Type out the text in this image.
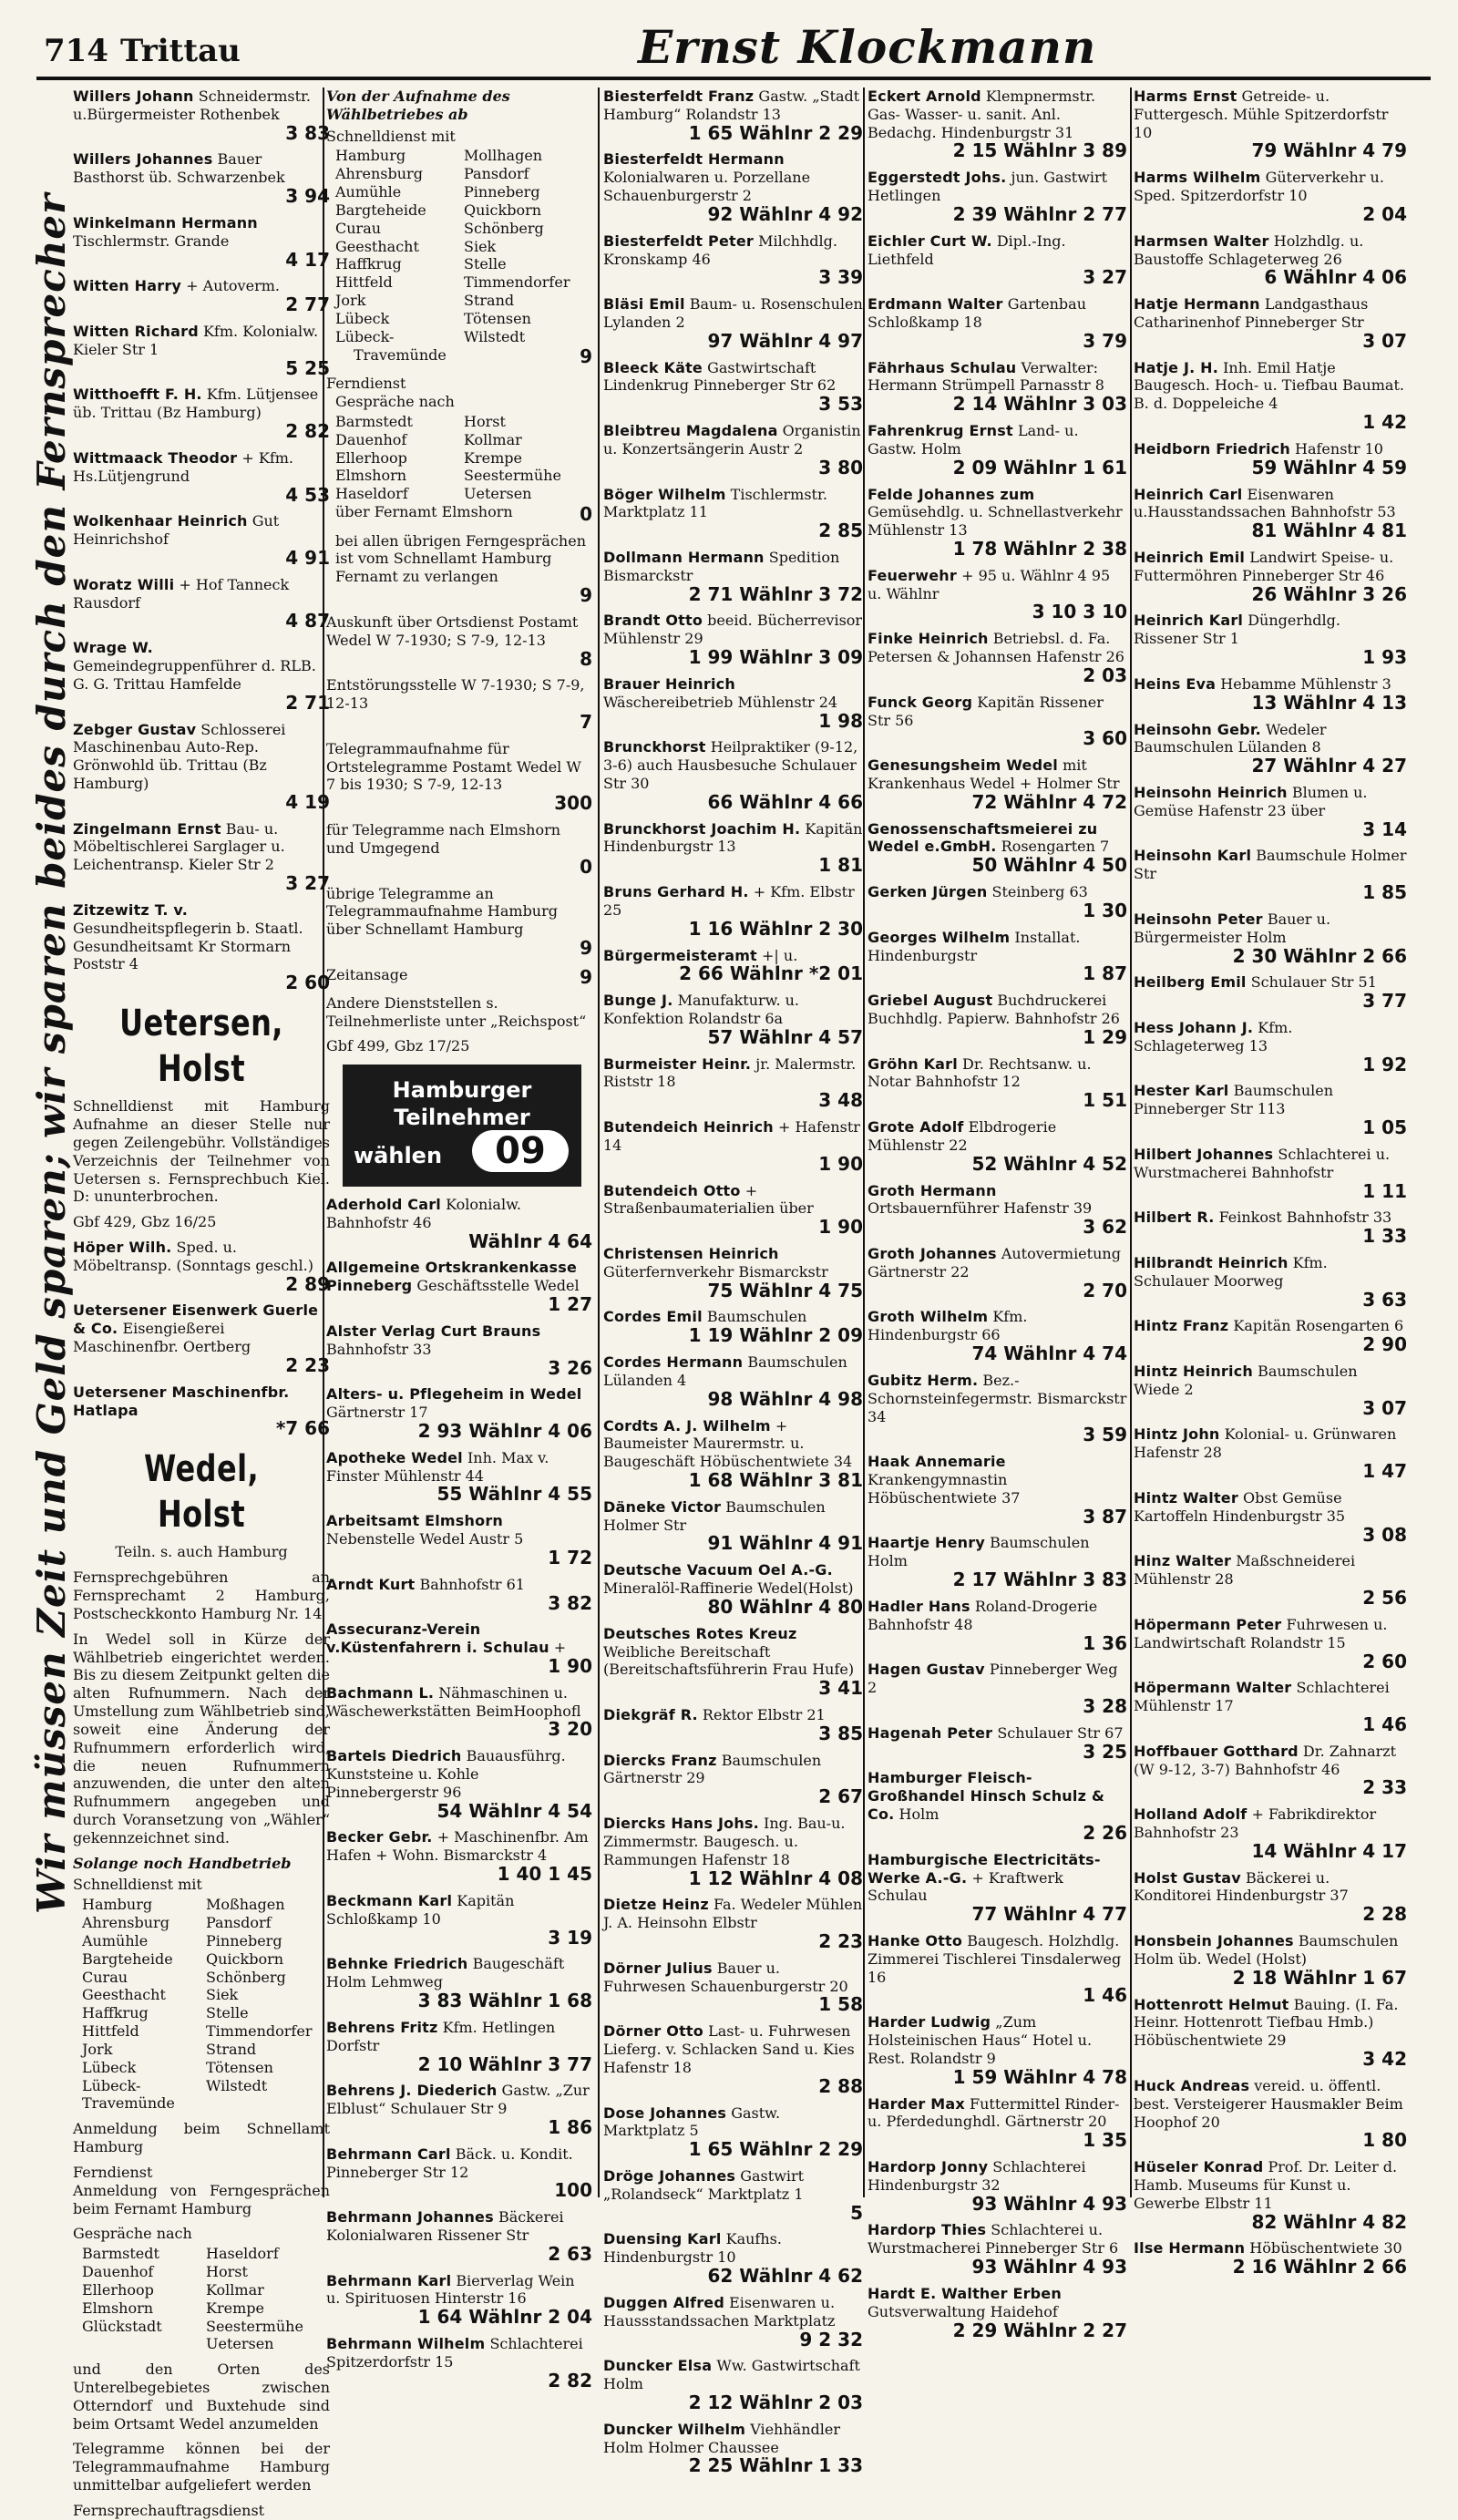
714 Trittau	Ernst Klockmann
Wir müssen Zeit und Geld sparen; wir sparen beides durch den Fernsprecher
Willers Johann Schneidermstr. u.Bürgermeister Rothenbek
3 83
Willers Johannes Bauer Basthorst üb. Schwarzenbek
3 94
Winkelmann Hermann Tischlermstr. Grande
4 17
Witten Harry + Autoverm.
2 77
Witten Richard Kfm. Kolonialw. Kieler Str 1
5 25
Witthoefft F. H. Kfm. Lütjensee üb. Trittau (Bz Hamburg)
2 82
Wittmaack Theodor + Kfm. Hs.Lütjengrund
4 53
Wolkenhaar Heinrich Gut Heinrichshof
4 91
Woratz Willi + Hof Tanneck Rausdorf
4 87
Wrage W. Gemeindegruppenführer d. RLB. G. G. Trittau Hamfelde
2 71
Zebger Gustav Schlosserei Maschinenbau Auto-Rep. Grönwohld üb. Trittau (Bz Hamburg)
4 19
Zingelmann Ernst Bau- u. Möbeltischlerei Sarglager u. Leichentransp. Kieler Str 2
3 27
Zitzewitz T. v. Gesundheitspflegerin b. Staatl. Gesundheitsamt Kr Stormarn Poststr 4
2 60
Uetersen, Holst
Schnelldienst mit Hamburg Aufnahme an dieser Stelle nur gegen Zeilengebühr. Vollständiges Verzeichnis der Teilnehmer von Uetersen s. Fernsprechbuch Kiel. D: ununterbrochen.
Gbf 429, Gbz 16/25
Höper Wilh. Sped. u. Möbeltransp. (Sonntags geschl.)
2 89
Uetersener Eisenwerk Guerle & Co. Eisengießerei Maschinenfbr. Oertberg
2 23
Uetersener Maschinenfbr. Hatlapa
*7 66
Wedel, Holst
Teiln. s. auch Hamburg
Fernsprechgebühren an Fernsprechamt 2 Hamburg, Postscheckkonto Hamburg Nr. 14
In Wedel soll in Kürze der Wählbetrieb eingerichtet werden. Bis zu diesem Zeitpunkt gelten die alten Rufnummern. Nach der Umstellung zum Wählbetrieb sind, soweit eine Änderung der Rufnummern erforderlich wird, die neuen Rufnummern anzuwenden, die unter den alten Rufnummern angegeben und durch Voransetzung von „Wähler“ gekennzeichnet sind.
Solange noch Handbetrieb
Schnelldienst mit
Hamburg	Moßhagen
Ahrensburg	Pansdorf
Aumühle	Pinneberg
Bargteheide	Quickborn
Curau	Schönberg
Geesthacht	Siek
Haffkrug	Stelle
Hittfeld	Timmendorfer
Jork	Strand
Lübeck	Tötensen
Lübeck-	Wilstedt
Travemünde
Anmeldung beim Schnellamt Hamburg
Ferndienst
Anmeldung von Ferngesprächen beim Fernamt Hamburg
Gespräche nach
Barmstedt	Haseldorf
Dauenhof	Horst
Ellerhoop	Kollmar
Elmshorn	Krempe
Glückstadt	Seestermühe
Uetersen
und den Orten des Unterelbegebietes zwischen Otterndorf und Buxtehude sind beim Ortsamt Wedel anzumelden
Telegramme können bei der Telegrammaufnahme Hamburg unmittelbar aufgeliefert werden
Fernsprechauftragsdienst
Von der Aufnahme des Wählbetriebes ab
Schnelldienst mit
Hamburg	Mollhagen
Ahrensburg	Pansdorf
Aumühle	Pinneberg
Bargteheide	Quickborn
Curau	Schönberg
Geesthacht	Siek
Haffkrug	Stelle
Hittfeld	Timmendorfer
Jork	Strand
Lübeck	Tötensen
Lübeck-	Wilstedt
Travemünde	9
Ferndienst
Gespräche nach
Barmstedt	Horst
Dauenhof	Kollmar
Ellerhoop	Krempe
Elmshorn	Seestermühe
Haseldorf	Uetersen
über Fernamt Elmshorn	0
bei allen übrigen Ferngesprächen ist vom Schnellamt Hamburg Fernamt zu verlangen
9
Auskunft über Ortsdienst Postamt Wedel W 7-1930; S 7-9, 12-13
8
Entstörungsstelle W 7-1930; S 7-9, 12-13
7
Telegrammaufnahme für Ortstelegramme Postamt Wedel W 7 bis 1930; S 7-9, 12-13
300
für Telegramme nach Elmshorn und Umgegend
0
übrige Telegramme an Telegrammaufnahme Hamburg über Schnellamt Hamburg
9
Zeitansage	9
Andere Dienststellen s. Teilnehmerliste unter „Reichspost“
Gbf 499, Gbz 17/25
Hamburger
Teilnehmer
wählen	09
Aderhold Carl Kolonialw. Bahnhofstr 46
Wählnr 4 64
Allgemeine Ortskrankenkasse Pinneberg Geschäftsstelle Wedel
1 27
Alster Verlag Curt Brauns Bahnhofstr 33
3 26
Alters- u. Pflegeheim in Wedel Gärtnerstr 17
2 93 Wählnr 4 06
Apotheke Wedel Inh. Max v. Finster Mühlenstr 44
55 Wählnr 4 55
Arbeitsamt Elmshorn Nebenstelle Wedel Austr 5
1 72
Arndt Kurt Bahnhofstr 61
3 82
Assecuranz-Verein v.Küstenfahrern i. Schulau +
1 90
Bachmann L. Nähmaschinen u. Wäschewerkstätten BeimHoophofl
3 20
Bartels Diedrich Bauausführg. Kunststeine u. Kohle Pinnebergerstr 96
54 Wählnr 4 54
Becker Gebr. + Maschinenfbr. Am Hafen + Wohn. Bismarckstr 4
1 40 1 45
Beckmann Karl Kapitän Schloßkamp 10
3 19
Behnke Friedrich Baugeschäft Holm Lehmweg
3 83 Wählnr 1 68
Behrens Fritz Kfm. Hetlingen Dorfstr
2 10 Wählnr 3 77
Behrens J. Diederich Gastw. „Zur Elblust“ Schulauer Str 9
1 86
Behrmann Carl Bäck. u. Kondit. Pinneberger Str 12
100
Behrmann Johannes Bäckerei Kolonialwaren Rissener Str
2 63
Behrmann Karl Bierverlag Wein u. Spirituosen Hinterstr 16
1 64 Wählnr 2 04
Behrmann Wilhelm Schlachterei Spitzerdorfstr 15
2 82
Biesterfeldt Franz Gastw. „Stadt Hamburg“ Rolandstr 13
1 65 Wählnr 2 29
Biesterfeldt Hermann Kolonialwaren u. Porzellane Schauenburgerstr 2
92 Wählnr 4 92
Biesterfeldt Peter Milchhdlg. Kronskamp 46
3 39
Bläsi Emil Baum- u. Rosenschulen Lylanden 2
97 Wählnr 4 97
Bleeck Käte Gastwirtschaft Lindenkrug Pinneberger Str 62
3 53
Bleibtreu Magdalena Organistin u. Konzertsängerin Austr 2
3 80
Böger Wilhelm Tischlermstr. Marktplatz 11
2 85
Dollmann Hermann Spedition Bismarckstr
2 71 Wählnr 3 72
Brandt Otto beeid. Bücherrevisor Mühlenstr 29
1 99 Wählnr 3 09
Brauer Heinrich Wäschereibetrieb Mühlenstr 24
1 98
Brunckhorst Heilpraktiker (9-12, 3-6) auch Hausbesuche Schulauer Str 30
66 Wählnr 4 66
Brunckhorst Joachim H. Kapitän Hindenburgstr 13
1 81
Bruns Gerhard H. + Kfm. Elbstr 25
1 16 Wählnr 2 30
Bürgermeisteramt +| u.
2 66 Wählnr *2 01
Bunge J. Manufakturw. u. Konfektion Rolandstr 6a
57 Wählnr 4 57
Burmeister Heinr. jr. Malermstr. Riststr 18
3 48
Butendeich Heinrich + Hafenstr 14
1 90
Butendeich Otto + Straßenbaumaterialien über
1 90
Christensen Heinrich Güterfernverkehr Bismarckstr
75 Wählnr 4 75
Cordes Emil Baumschulen
1 19 Wählnr 2 09
Cordes Hermann Baumschulen Lülanden 4
98 Wählnr 4 98
Cordts A. J. Wilhelm + Baumeister Maurermstr. u. Baugeschäft Höbüschentwiete 34
1 68 Wählnr 3 81
Däneke Victor Baumschulen Holmer Str
91 Wählnr 4 91
Deutsche Vacuum Oel A.-G. Mineralöl-Raffinerie Wedel(Holst)
80 Wählnr 4 80
Deutsches Rotes Kreuz Weibliche Bereitschaft (Bereitschaftsführerin Frau Hufe)
3 41
Diekgräf R. Rektor Elbstr 21
3 85
Diercks Franz Baumschulen Gärtnerstr 29
2 67
Diercks Hans Johs. Ing. Bau-u. Zimmermstr. Baugesch. u. Rammungen Hafenstr 18
1 12 Wählnr 4 08
Dietze Heinz Fa. Wedeler Mühlen J. A. Heinsohn Elbstr
2 23
Dörner Julius Bauer u. Fuhrwesen Schauenburgerstr 20
1 58
Dörner Otto Last- u. Fuhrwesen Lieferg. v. Schlacken Sand u. Kies Hafenstr 18
2 88
Dose Johannes Gastw. Marktplatz 5
1 65 Wählnr 2 29
Dröge Johannes Gastwirt „Rolandseck“ Marktplatz 1
5
Duensing Karl Kaufhs. Hindenburgstr 10
62 Wählnr 4 62
Duggen Alfred Eisenwaren u. Haussstandssachen Marktplatz
9 2 32
Duncker Elsa Ww. Gastwirtschaft Holm
2 12 Wählnr 2 03
Duncker Wilhelm Viehhändler Holm Holmer Chaussee
2 25 Wählnr 1 33
Eckert Arnold Klempnermstr. Gas- Wasser- u. sanit. Anl. Bedachg. Hindenburgstr 31
2 15 Wählnr 3 89
Eggerstedt Johs. jun. Gastwirt Hetlingen
2 39 Wählnr 2 77
Eichler Curt W. Dipl.-Ing. Liethfeld
3 27
Erdmann Walter Gartenbau Schloßkamp 18
3 79
Fährhaus Schulau Verwalter: Hermann Strümpell Parnasstr 8
2 14 Wählnr 3 03
Fahrenkrug Ernst Land- u. Gastw. Holm
2 09 Wählnr 1 61
Felde Johannes zum Gemüsehdlg. u. Schnellastverkehr Mühlenstr 13
1 78 Wählnr 2 38
Feuerwehr + 95 u. Wählnr 4 95 u. Wählnr
3 10 3 10
Finke Heinrich Betriebsl. d. Fa. Petersen & Johannsen Hafenstr 26
2 03
Funck Georg Kapitän Rissener Str 56
3 60
Genesungsheim Wedel mit Krankenhaus Wedel + Holmer Str
72 Wählnr 4 72
Genossenschaftsmeierei zu Wedel e.GmbH. Rosengarten 7
50 Wählnr 4 50
Gerken Jürgen Steinberg 63
1 30
Georges Wilhelm Installat. Hindenburgstr
1 87
Griebel August Buchdruckerei Buchhdlg. Papierw. Bahnhofstr 26
1 29
Gröhn Karl Dr. Rechtsanw. u. Notar Bahnhofstr 12
1 51
Grote Adolf Elbdrogerie Mühlenstr 22
52 Wählnr 4 52
Groth Hermann Ortsbauernführer Hafenstr 39
3 62
Groth Johannes Autovermietung Gärtnerstr 22
2 70
Groth Wilhelm Kfm. Hindenburgstr 66
74 Wählnr 4 74
Gubitz Herm. Bez.-Schornsteinfegermstr. Bismarckstr 34
3 59
Haak Annemarie Krankengymnastin Höbüschentwiete 37
3 87
Haartje Henry Baumschulen Holm
2 17 Wählnr 3 83
Hadler Hans Roland-Drogerie Bahnhofstr 48
1 36
Hagen Gustav Pinneberger Weg 2
3 28
Hagenah Peter Schulauer Str 67
3 25
Hamburger Fleisch-Großhandel Hinsch Schulz & Co. Holm
2 26
Hamburgische Electricitäts-Werke A.-G. + Kraftwerk Schulau
77 Wählnr 4 77
Hanke Otto Baugesch. Holzhdlg. Zimmerei Tischlerei Tinsdalerweg 16
1 46
Harder Ludwig „Zum Holsteinischen Haus“ Hotel u. Rest. Rolandstr 9
1 59 Wählnr 4 78
Harder Max Futtermittel Rinder- u. Pferdedunghdl. Gärtnerstr 20
1 35
Hardorp Jonny Schlachterei Hindenburgstr 32
93 Wählnr 4 93
Hardorp Thies Schlachterei u. Wurstmacherei Pinneberger Str 6
93 Wählnr 4 93
Hardt E. Walther Erben Gutsverwaltung Haidehof
2 29 Wählnr 2 27
Harms Ernst Getreide- u. Futtergesch. Mühle Spitzerdorfstr 10
79 Wählnr 4 79
Harms Wilhelm Güterverkehr u. Sped. Spitzerdorfstr 10
2 04
Harmsen Walter Holzhdlg. u. Baustoffe Schlageterweg 26
6 Wählnr 4 06
Hatje Hermann Landgasthaus Catharinenhof Pinneberger Str
3 07
Hatje J. H. Inh. Emil Hatje Baugesch. Hoch- u. Tiefbau Baumat. B. d. Doppeleiche 4
1 42
Heidborn Friedrich Hafenstr 10
59 Wählnr 4 59
Heinrich Carl Eisenwaren u.Hausstandssachen Bahnhofstr 53
81 Wählnr 4 81
Heinrich Emil Landwirt Speise- u. Futtermöhren Pinneberger Str 46
26 Wählnr 3 26
Heinrich Karl Düngerhdlg. Rissener Str 1
1 93
Heins Eva Hebamme Mühlenstr 3
13 Wählnr 4 13
Heinsohn Gebr. Wedeler Baumschulen Lülanden 8
27 Wählnr 4 27
Heinsohn Heinrich Blumen u. Gemüse Hafenstr 23 über
3 14
Heinsohn Karl Baumschule Holmer Str
1 85
Heinsohn Peter Bauer u. Bürgermeister Holm
2 30 Wählnr 2 66
Heilberg Emil Schulauer Str 51
3 77
Hess Johann J. Kfm. Schlageterweg 13
1 92
Hester Karl Baumschulen Pinneberger Str 113
1 05
Hilbert Johannes Schlachterei u. Wurstmacherei Bahnhofstr
1 11
Hilbert R. Feinkost Bahnhofstr 33
1 33
Hilbrandt Heinrich Kfm. Schulauer Moorweg
3 63
Hintz Franz Kapitän Rosengarten 6
2 90
Hintz Heinrich Baumschulen Wiede 2
3 07
Hintz John Kolonial- u. Grünwaren Hafenstr 28
1 47
Hintz Walter Obst Gemüse Kartoffeln Hindenburgstr 35
3 08
Hinz Walter Maßschneiderei Mühlenstr 28
2 56
Höpermann Peter Fuhrwesen u. Landwirtschaft Rolandstr 15
2 60
Höpermann Walter Schlachterei Mühlenstr 17
1 46
Hoffbauer Gotthard Dr. Zahnarzt (W 9-12, 3-7) Bahnhofstr 46
2 33
Holland Adolf + Fabrikdirektor Bahnhofstr 23
14 Wählnr 4 17
Holst Gustav Bäckerei u. Konditorei Hindenburgstr 37
2 28
Honsbein Johannes Baumschulen Holm üb. Wedel (Holst)
2 18 Wählnr 1 67
Hottenrott Helmut Bauing. (I. Fa. Heinr. Hottenrott Tiefbau Hmb.) Höbüschentwiete 29
3 42
Huck Andreas vereid. u. öffentl. best. Versteigerer Hausmakler Beim Hoophof 20
1 80
Hüseler Konrad Prof. Dr. Leiter d. Hamb. Museums für Kunst u. Gewerbe Elbstr 11
82 Wählnr 4 82
Ilse Hermann Höbüschentwiete 30
2 16 Wählnr 2 66
